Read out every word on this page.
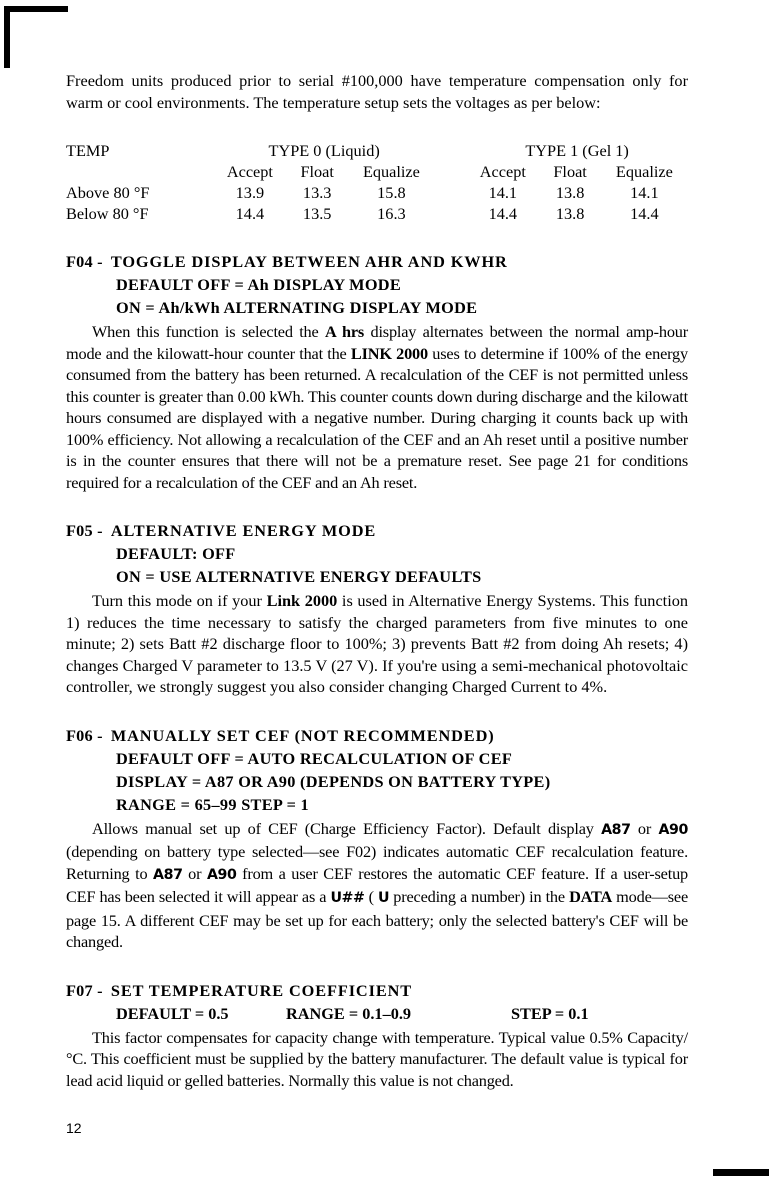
Freedom units produced prior to serial #100,000 have temperature compensation only for warm or cool environments. The temperature setup sets the voltages as per below:

TEMP	TYPE 0 (Liquid)				TYPE 1 (Gel 1)		
	Accept	Float	Equalize		Accept	Float	Equalize
Above 80 °F	13.9	13.3	15.8		14.1	13.8	14.1
Below 80 °F	14.4	13.5	16.3		14.4	13.8	14.4
F04 - TOGGLE DISPLAY BETWEEN AHR AND KWHR
DEFAULT OFF = Ah DISPLAY MODE
ON = Ah/kWh ALTERNATING DISPLAY MODE

When this function is selected the A hrs display alternates between the normal amp-hour mode and the kilowatt-hour counter that the LINK 2000 uses to determine if 100% of the energy consumed from the battery has been returned. A recalculation of the CEF is not permitted unless this counter is greater than 0.00 kWh. This counter counts down during discharge and the kilowatt hours consumed are displayed with a negative number. During charging it counts back up with 100% efficiency. Not allowing a recalculation of the CEF and an Ah reset until a positive number is in the counter ensures that there will not be a premature reset. See page 21 for conditions required for a recalculation of the CEF and an Ah reset.

F05 - ALTERNATIVE ENERGY MODE
DEFAULT: OFF
ON = USE ALTERNATIVE ENERGY DEFAULTS

Turn this mode on if your Link 2000 is used in Alternative Energy Systems. This function 1) reduces the time necessary to satisfy the charged parameters from five minutes to one minute; 2) sets Batt #2 discharge floor to 100%; 3) prevents Batt #2 from doing Ah resets; 4) changes Charged V parameter to 13.5 V (27 V). If you're using a semi-mechanical photovoltaic controller, we strongly suggest you also consider changing Charged Current to 4%.

F06 - MANUALLY SET CEF (NOT RECOMMENDED)
DEFAULT OFF = AUTO RECALCULATION OF CEF
DISPLAY = A87 OR A90 (DEPENDS ON BATTERY TYPE)
RANGE = 65–99 STEP = 1

Allows manual set up of CEF (Charge Efficiency Factor). Default display A87 or A90 (depending on battery type selected—see F02) indicates automatic CEF recalculation feature. Returning to A87 or A90 from a user CEF restores the automatic CEF feature. If a user-setup CEF has been selected it will appear as a U## ( U preceding a number) in the DATA mode—see page 15. A different CEF may be set up for each battery; only the selected battery's CEF will be changed.

F07 - SET TEMPERATURE COEFFICIENT
DEFAULT = 0.5	RANGE = 0.1–0.9	STEP = 0.1

This factor compensates for capacity change with temperature. Typical value 0.5% Capacity/°C. This coefficient must be supplied by the battery manufacturer. The default value is typical for lead acid liquid or gelled batteries. Normally this value is not changed.

12
